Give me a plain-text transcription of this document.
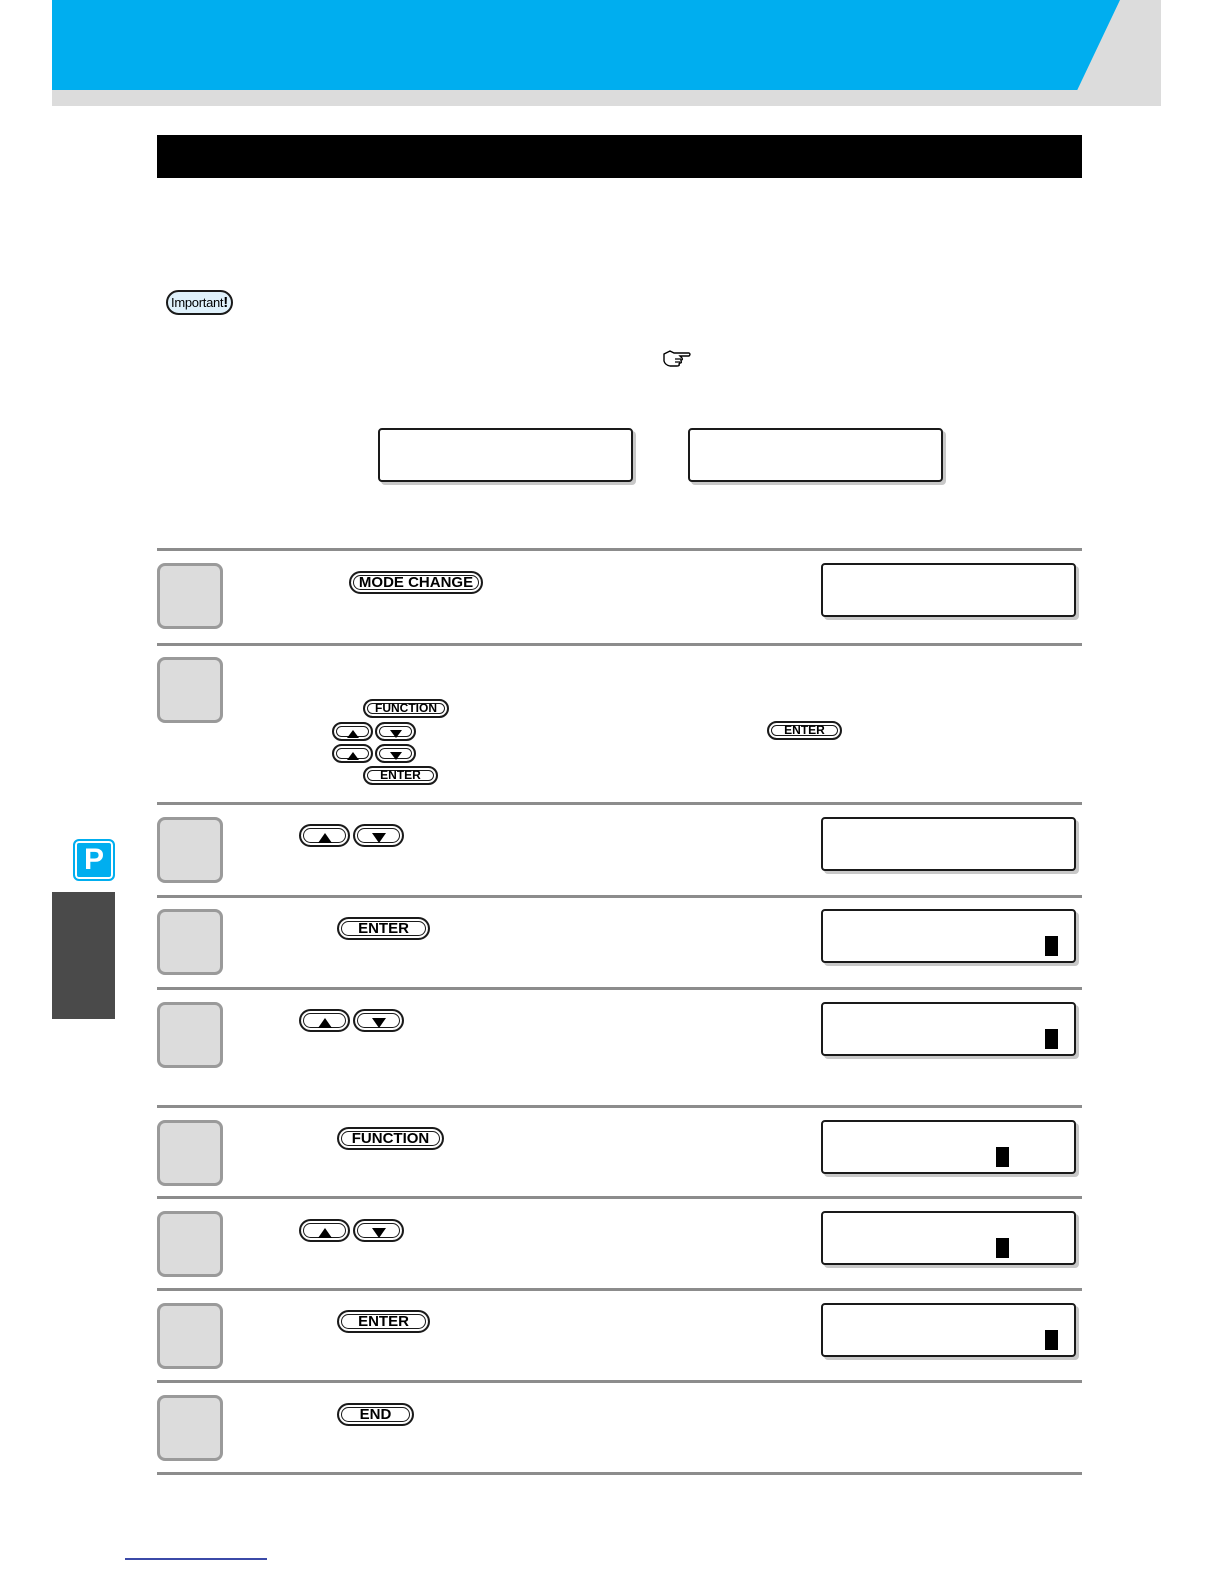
Important!
MODE CHANGE
FUNCTION
ENTER
ENTER
ENTER
FUNCTION
ENTER
END
P
